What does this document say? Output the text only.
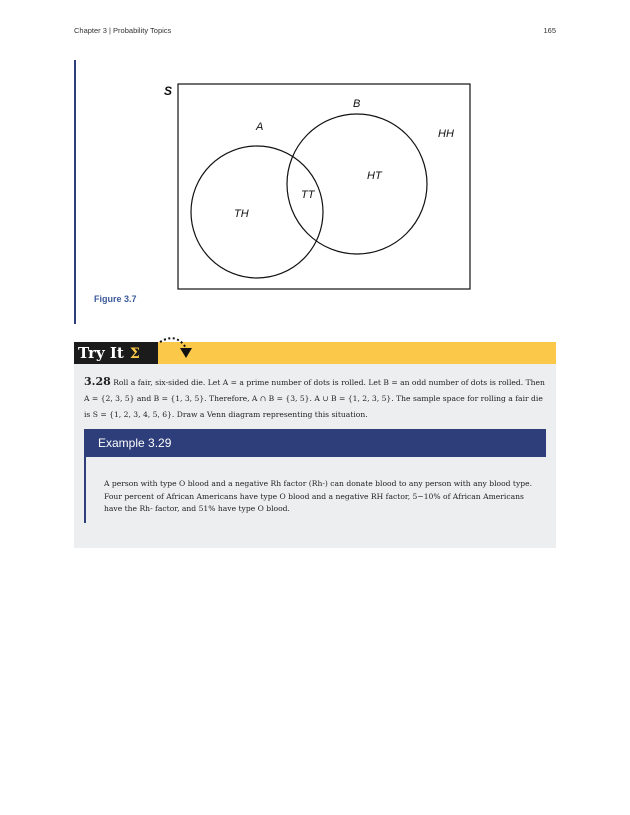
Chapter 3 | Probability Topics	165
S
B
A
HH
HT
TT
TH
Figure 3.7
Try It Σ
3.28 Roll a fair, six-sided die. Let A = a prime number of dots is rolled. Let B = an odd number of dots is rolled. Then A = {2, 3, 5} and B = {1, 3, 5}. Therefore, A ∩ B = {3, 5}. A ∪ B = {1, 2, 3, 5}. The sample space for rolling a fair die is S = {1, 2, 3, 4, 5, 6}. Draw a Venn diagram representing this situation.
Example 3.29
A person with type O blood and a negative Rh factor (Rh-) can donate blood to any person with any blood type. Four percent of African Americans have type O blood and a negative RH factor, 5−10% of African Americans have the Rh- factor, and 51% have type O blood.
